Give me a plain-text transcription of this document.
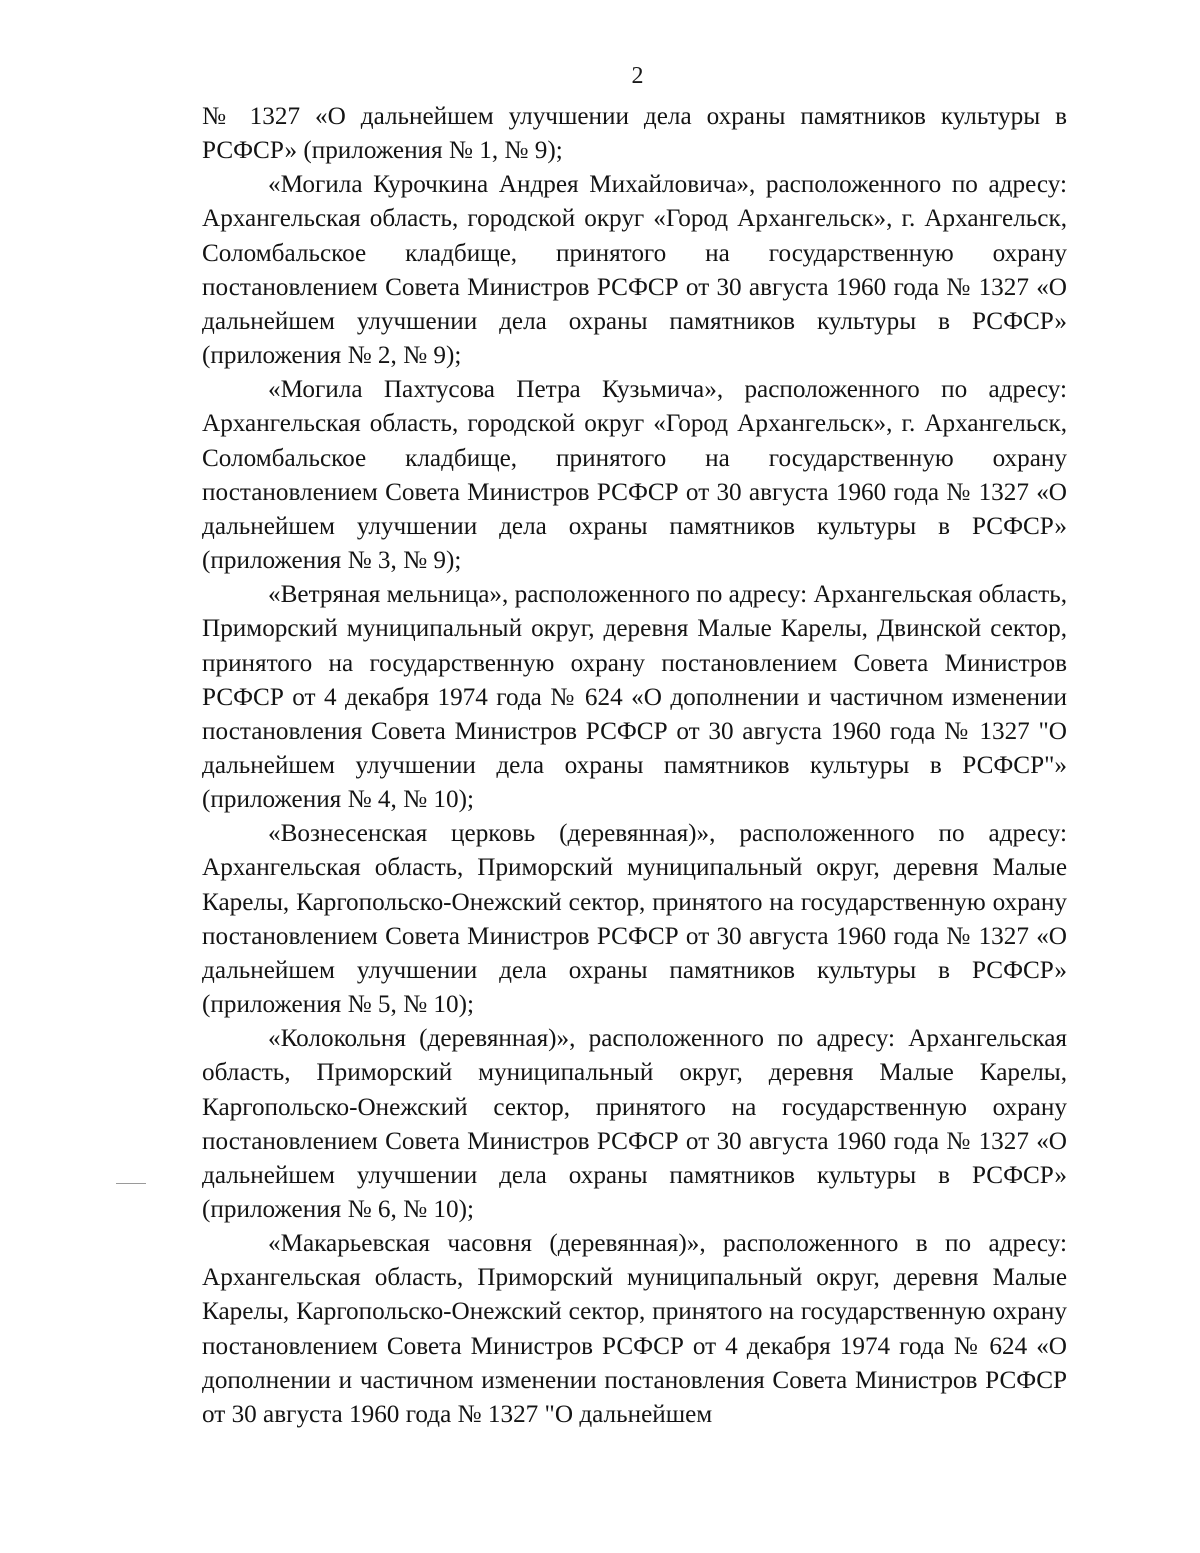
2

№ 1327 «О дальнейшем улучшении дела охраны памятников культуры в РСФСР» (приложения № 1, № 9);

«Могила Курочкина Андрея Михайловича», расположенного по адресу: Архангельская область, городской округ «Город Архангельск», г. Архангельск, Соломбальское кладбище, принятого на государственную охрану постановлением Совета Министров РСФСР от 30 августа 1960 года № 1327 «О дальнейшем улучшении дела охраны памятников культуры в РСФСР» (приложения № 2, № 9);

«Могила Пахтусова Петра Кузьмича», расположенного по адресу: Архангельская область, городской округ «Город Архангельск», г. Архангельск, Соломбальское кладбище, принятого на государственную охрану постановлением Совета Министров РСФСР от 30 августа 1960 года № 1327 «О дальнейшем улучшении дела охраны памятников культуры в РСФСР» (приложения № 3, № 9);

«Ветряная мельница», расположенного по адресу: Архангельская область, Приморский муниципальный округ, деревня Малые Карелы, Двинской сектор, принятого на государственную охрану постановлением Совета Министров РСФСР от 4 декабря 1974 года № 624 «О дополнении и частичном изменении постановления Совета Министров РСФСР от 30 августа 1960 года № 1327 "О дальнейшем улучшении дела охраны памятников культуры в РСФСР"» (приложения № 4, № 10);

«Вознесенская церковь (деревянная)», расположенного по адресу: Архангельская область, Приморский муниципальный округ, деревня Малые Карелы, Каргопольско-Онежский сектор, принятого на государственную охрану постановлением Совета Министров РСФСР от 30 августа 1960 года № 1327 «О дальнейшем улучшении дела охраны памятников культуры в РСФСР» (приложения № 5, № 10);

«Колокольня (деревянная)», расположенного по адресу: Архангельская область, Приморский муниципальный округ, деревня Малые Карелы, Каргопольско-Онежский сектор, принятого на государственную охрану постановлением Совета Министров РСФСР от 30 августа 1960 года № 1327 «О дальнейшем улучшении дела охраны памятников культуры в РСФСР» (приложения № 6, № 10);

«Макарьевская часовня (деревянная)», расположенного в по адресу: Архангельская область, Приморский муниципальный округ, деревня Малые Карелы, Каргопольско-Онежский сектор, принятого на государственную охрану постановлением Совета Министров РСФСР от 4 декабря 1974 года № 624 «О дополнении и частичном изменении постановления Совета Министров РСФСР от 30 августа 1960 года № 1327 "О дальнейшем
